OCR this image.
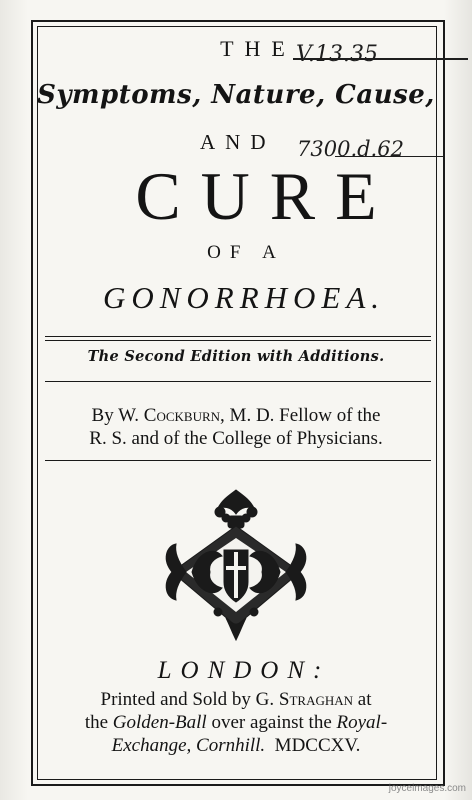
THE V.13.35
Symptoms, Nature, Cause,
AND 7300.d.62
CURE
OF A
GONORRHOEA.
The Second Edition with Additions.
By W. Cockburn, M. D. Fellow of the
R. S. and of the College of Physicians.
LONDON:
Printed and Sold by G. Straghan at
the Golden-Ball over against the Royal-
Exchange, Cornhill. MDCCXV.
joyceimages.com
